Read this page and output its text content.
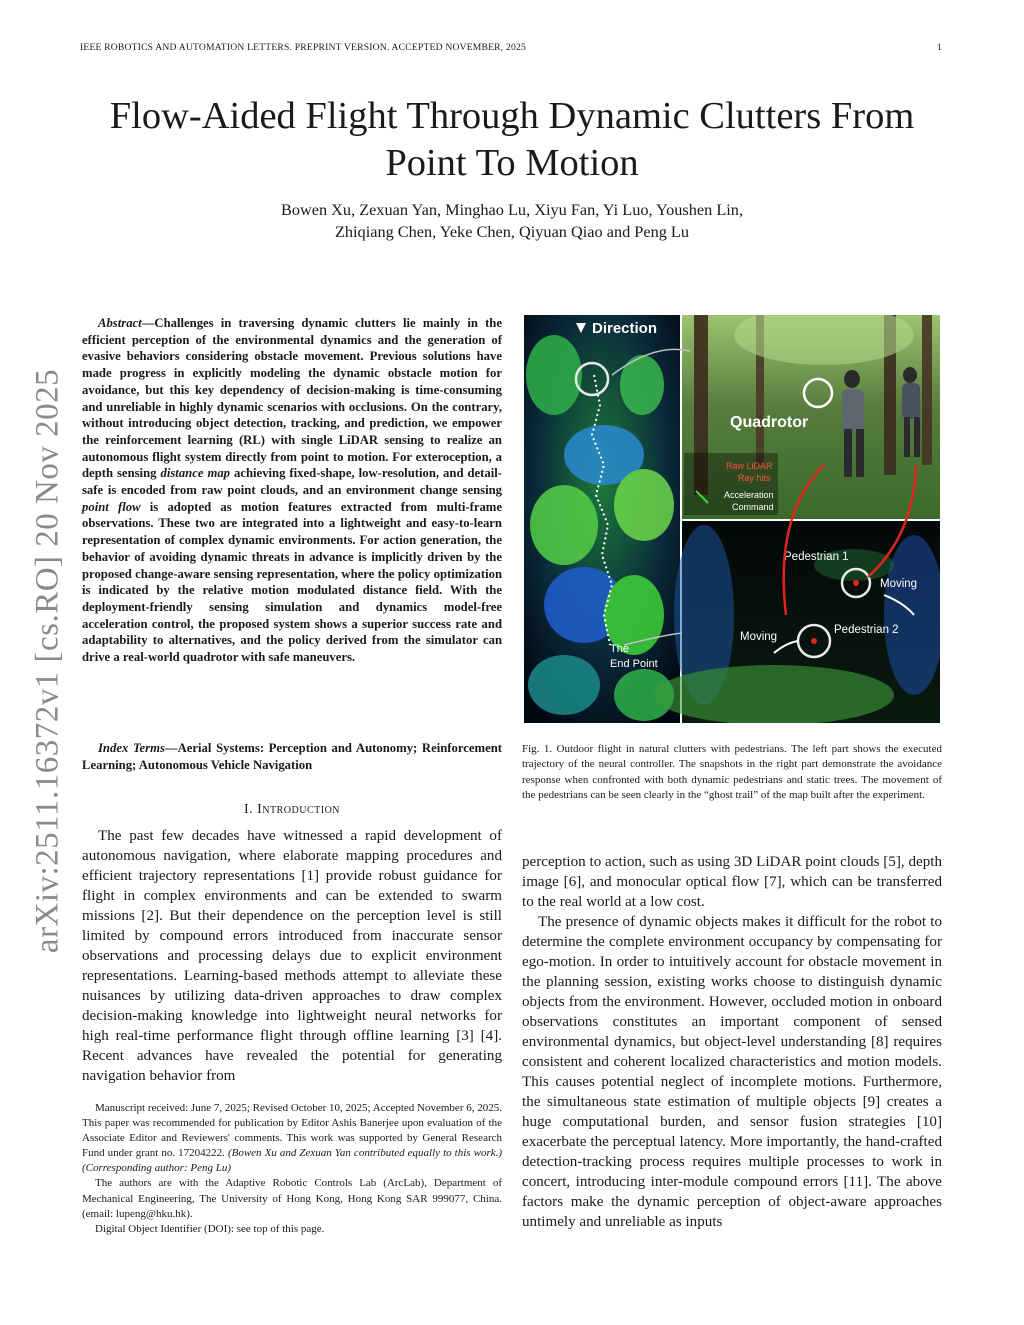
IEEE ROBOTICS AND AUTOMATION LETTERS. PREPRINT VERSION. ACCEPTED NOVEMBER, 2025	1
Flow-Aided Flight Through Dynamic Clutters From
Point To Motion
Bowen Xu, Zexuan Yan, Minghao Lu, Xiyu Fan, Yi Luo, Youshen Lin,
Zhiqiang Chen, Yeke Chen, Qiyuan Qiao and Peng Lu
arXiv:2511.16372v1 [cs.RO] 20 Nov 2025

Abstract—Challenges in traversing dynamic clutters lie mainly in the efficient perception of the environmental dynamics and the generation of evasive behaviors considering obstacle movement. Previous solutions have made progress in explicitly modeling the dynamic obstacle motion for avoidance, but this key dependency of decision-making is time-consuming and unreliable in highly dynamic scenarios with occlusions. On the contrary, without introducing object detection, tracking, and prediction, we empower the reinforcement learning (RL) with single LiDAR sensing to realize an autonomous flight system directly from point to motion. For exteroception, a depth sensing distance map achieving fixed-shape, low-resolution, and detail-safe is encoded from raw point clouds, and an environment change sensing point flow is adopted as motion features extracted from multi-frame observations. These two are integrated into a lightweight and easy-to-learn representation of complex dynamic environments. For action generation, the behavior of avoiding dynamic threats in advance is implicitly driven by the proposed change-aware sensing representation, where the policy optimization is indicated by the relative motion modulated distance field. With the deployment-friendly sensing simulation and dynamics model-free acceleration control, the proposed system shows a superior success rate and adaptability to alternatives, and the policy derived from the simulator can drive a real-world quadrotor with safe maneuvers.

Index Terms—Aerial Systems: Perception and Autonomy; Reinforcement Learning; Autonomous Vehicle Navigation
I. Introduction

The past few decades have witnessed a rapid development of autonomous navigation, where elaborate mapping procedures and efficient trajectory representations [1] provide robust guidance for flight in complex environments and can be extended to swarm missions [2]. But their dependence on the perception level is still limited by compound errors introduced from inaccurate sensor observations and processing delays due to explicit environment representations. Learning-based methods attempt to alleviate these nuisances by utilizing data-driven approaches to draw complex decision-making knowledge into lightweight neural networks for high real-time performance flight through offline learning [3] [4]. Recent advances have revealed the potential for generating navigation behavior from

Manuscript received: June 7, 2025; Revised October 10, 2025; Accepted November 6, 2025. This paper was recommended for publication by Editor Ashis Banerjee upon evaluation of the Associate Editor and Reviewers' comments. This work was supported by General Research Fund under grant no. 17204222. (Bowen Xu and Zexuan Yan contributed equally to this work.) (Corresponding author: Peng Lu)

The authors are with the Adaptive Robotic Controls Lab (ArcLab), Department of Mechanical Engineering, The University of Hong Kong, Hong Kong SAR 999077, China. (email: lupeng@hku.hk).

Digital Object Identifier (DOI): see top of this page.

Direction
The
End Point
Quadrotor
Raw LiDAR
Ray hits
Acceleration
Command
Pedestrian 1
Pedestrian 2
Moving
Moving
Fig. 1. Outdoor flight in natural clutters with pedestrians. The left part shows the executed trajectory of the neural controller. The snapshots in the right part demonstrate the avoidance response when confronted with both dynamic pedestrians and static trees. The movement of the pedestrians can be seen clearly in the “ghost trail” of the map built after the experiment.

perception to action, such as using 3D LiDAR point clouds [5], depth image [6], and monocular optical flow [7], which can be transferred to the real world at a low cost.

The presence of dynamic objects makes it difficult for the robot to determine the complete environment occupancy by compensating for ego-motion. In order to intuitively account for obstacle movement in the planning session, existing works choose to distinguish dynamic objects from the environment. However, occluded motion in onboard observations constitutes an important component of sensed environmental dynamics, but object-level understanding [8] requires consistent and coherent localized characteristics and motion models. This causes potential neglect of incomplete motions. Furthermore, the simultaneous state estimation of multiple objects [9] creates a huge computational burden, and sensor fusion strategies [10] exacerbate the perceptual latency. More importantly, the hand-crafted detection-tracking process requires multiple processes to work in concert, introducing inter-module compound errors [11]. The above factors make the dynamic perception of object-aware approaches untimely and unreliable as inputs
